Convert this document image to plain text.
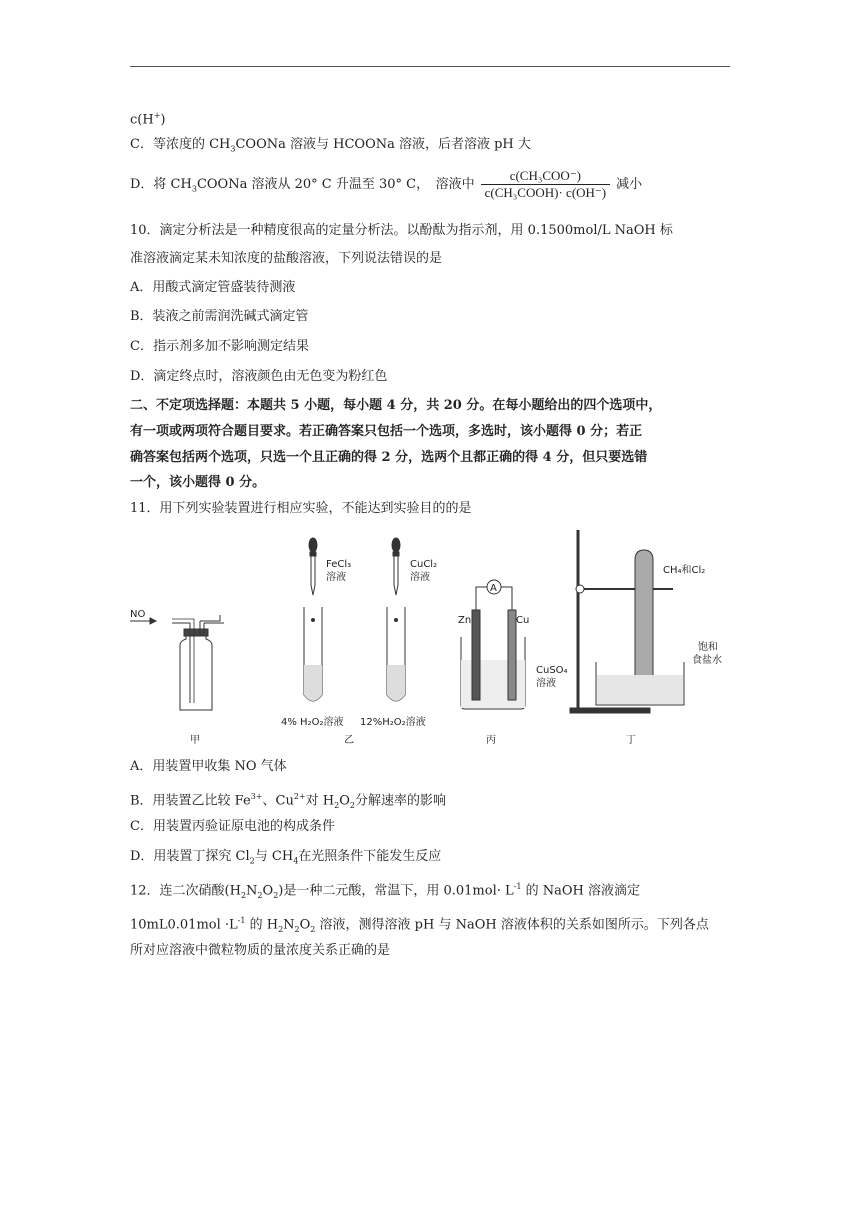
c(H+)
C．等浓度的 $CH_3COONa$ 溶液与 HCOONa 溶液，后者溶液 pH 大
D．将 $CH_3COONa$ 溶液从 20° C 升温至 30° C，　溶液中 $\frac{\text{c(CH₃COO⁻)}}{\text{c(CH₃COOH)· c(OH⁻)}}$ 减小
10．滴定分析法是一种精度很高的定量分析法。以酚酞为指示剂，用 0.1500mol/L NaOH 标
准溶液滴定某未知浓度的盐酸溶液，下列说法错误的是
A．用酸式滴定管盛装待测液
B．装液之前需润洗碱式滴定管
C．指示剂多加不影响测定结果
D．滴定终点时，溶液颜色由无色变为粉红色
二、不定项选择题：本题共 5 小题，每小题 4 分，共 20 分。在每小题给出的四个选项中，
有一项或两项符合题目要求。若正确答案只包括一个选项，多选时，该小题得 0 分；若正
确答案包括两个选项，只选一个且正确的得 2 分，选两个且都正确的得 4 分，但只要选错
一个，该小题得 0 分。
11．用下列实验装置进行相应实验，不能达到实验目的的是
NO
甲
FeCl₃
溶液
CuCl₂
溶液
4% H₂O₂溶液 12%H₂O₂溶液
乙
A
Zn	Cu
CuSO₄
溶液
丙
CH₄和Cl₂
饱和
食盐水
丁
A．用装置甲收集 NO 气体
B．用装置乙比较 $Fe^{3+}$、$Cu^{2+}$对 $H_2O_2$分解速率的影响
C．用装置丙验证原电池的构成条件
D．用装置丁探究 $Cl_2$与 $CH_4$在光照条件下能发生反应
12．连二次硝酸$(H_2N_2O_2)$是一种二元酸，常温下，用 $0.01mol\cdot L^{-1}$ 的 NaOH 溶液滴定
$10mL0.01mol \cdot L^{-1}$ 的 $H_2N_2O_2$ 溶液，测得溶液 pH 与 NaOH 溶液体积的关系如图所示。下列各点
所对应溶液中微粒物质的量浓度关系正确的是
